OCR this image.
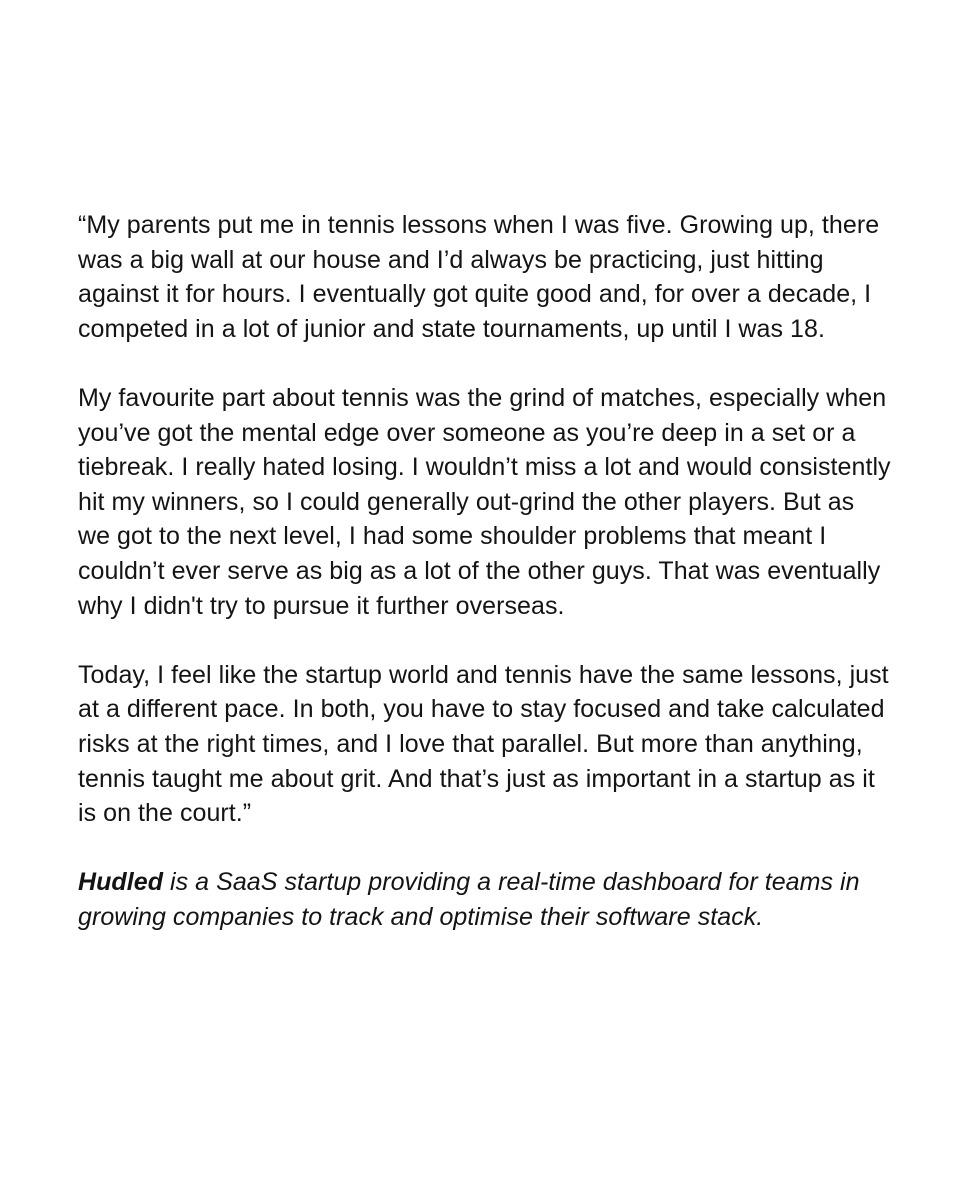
“My parents put me in tennis lessons when I was five. Growing up, there was a big wall at our house and I’d always be practicing, just hitting against it for hours. I eventually got quite good and, for over a decade, I competed in a lot of junior and state tournaments, up until I was 18.

My favourite part about tennis was the grind of matches, especially when you’ve got the mental edge over someone as you’re deep in a set or a tiebreak. I really hated losing. I wouldn’t miss a lot and would consistently hit my winners, so I could generally out-grind the other players. But as we got to the next level, I had some shoulder problems that meant I couldn’t ever serve as big as a lot of the other guys. That was eventually why I didn't try to pursue it further overseas.

Today, I feel like the startup world and tennis have the same lessons, just at a different pace. In both, you have to stay focused and take calculated risks at the right times, and I love that parallel. But more than anything, tennis taught me about grit. And that’s just as important in a startup as it is on the court.”

Hudled is a SaaS startup providing a real-time dashboard for teams in growing companies to track and optimise their software stack.
